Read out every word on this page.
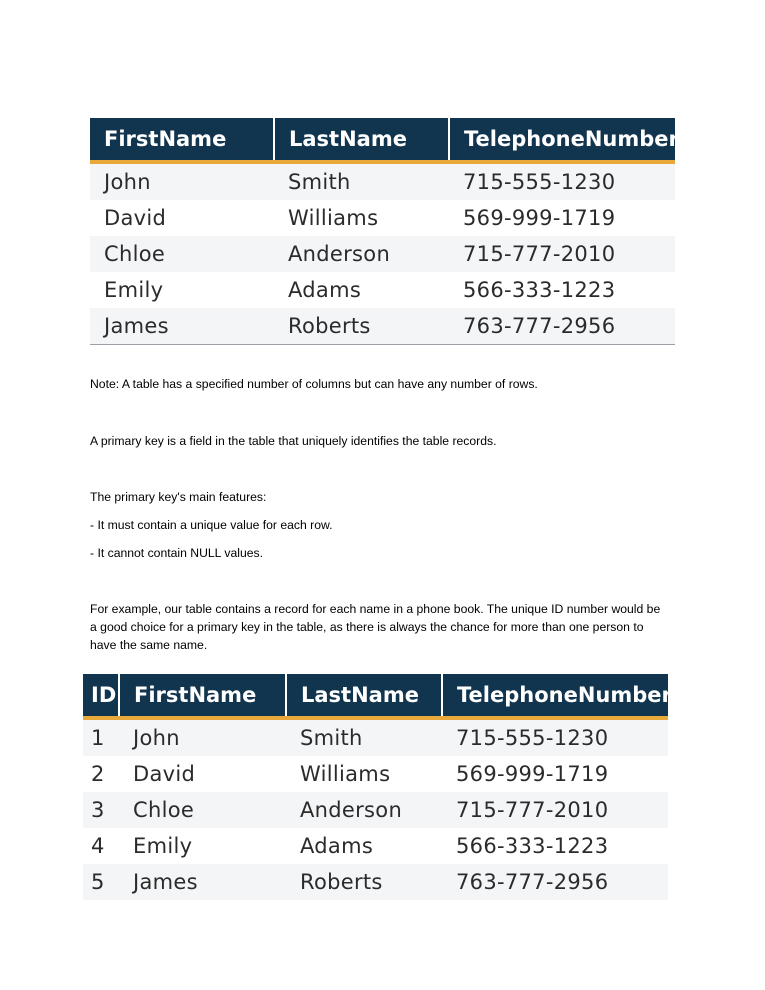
FirstName	LastName	TelephoneNumber
John	Smith	715-555-1230
David	Williams	569-999-1719
Chloe	Anderson	715-777-2010
Emily	Adams	566-333-1223
James	Roberts	763-777-2956

Note: A table has a specified number of columns but can have any number of rows.

A primary key is a field in the table that uniquely identifies the table records.

The primary key's main features:

- It must contain a unique value for each row.

- It cannot contain NULL values.

For example, our table contains a record for each name in a phone book. The unique ID number would be a good choice for a primary key in the table, as there is always the chance for more than one person to have the same name.

ID	FirstName	LastName	TelephoneNumber
1	John	Smith	715-555-1230
2	David	Williams	569-999-1719
3	Chloe	Anderson	715-777-2010
4	Emily	Adams	566-333-1223
5	James	Roberts	763-777-2956
